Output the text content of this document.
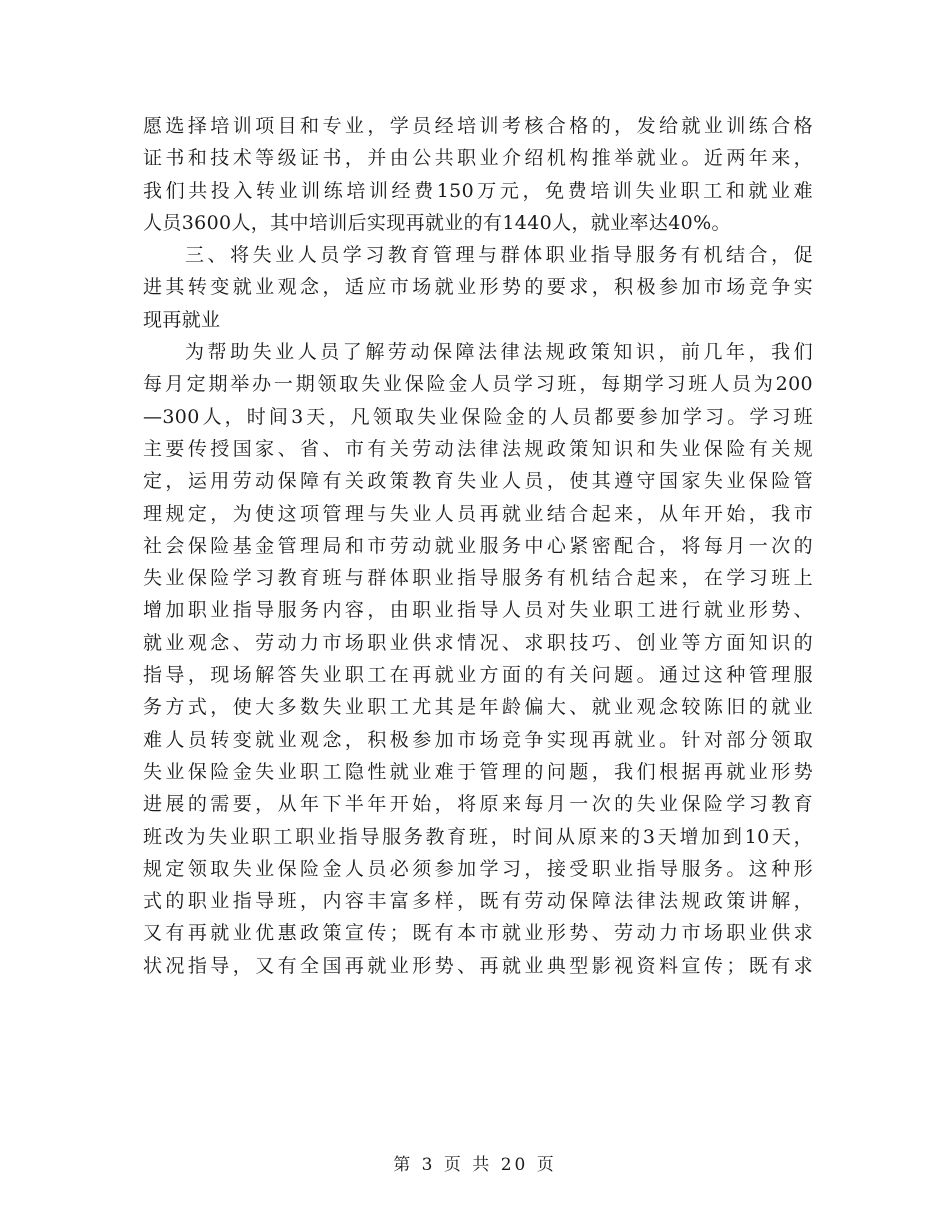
愿选择培训项目和专业，学员经培训考核合格的，发给就业训练合格
证书和技术等级证书，并由公共职业介绍机构推举就业。近两年来，
我们共投入转业训练培训经费150万元，免费培训失业职工和就业难
人员3600人，其中培训后实现再就业的有1440人，就业率达40%。
三、将失业人员学习教育管理与群体职业指导服务有机结合，促
进其转变就业观念，适应市场就业形势的要求，积极参加市场竞争实
现再就业
为帮助失业人员了解劳动保障法律法规政策知识，前几年，我们
每月定期举办一期领取失业保险金人员学习班，每期学习班人员为200
—300人，时间3天，凡领取失业保险金的人员都要参加学习。学习班
主要传授国家、省、市有关劳动法律法规政策知识和失业保险有关规
定，运用劳动保障有关政策教育失业人员，使其遵守国家失业保险管
理规定，为使这项管理与失业人员再就业结合起来，从年开始，我市
社会保险基金管理局和市劳动就业服务中心紧密配合，将每月一次的
失业保险学习教育班与群体职业指导服务有机结合起来，在学习班上
增加职业指导服务内容，由职业指导人员对失业职工进行就业形势、
就业观念、劳动力市场职业供求情况、求职技巧、创业等方面知识的
指导，现场解答失业职工在再就业方面的有关问题。通过这种管理服
务方式，使大多数失业职工尤其是年龄偏大、就业观念较陈旧的就业
难人员转变就业观念，积极参加市场竞争实现再就业。针对部分领取
失业保险金失业职工隐性就业难于管理的问题，我们根据再就业形势
进展的需要，从年下半年开始，将原来每月一次的失业保险学习教育
班改为失业职工职业指导服务教育班，时间从原来的3天增加到10天，
规定领取失业保险金人员必须参加学习，接受职业指导服务。这种形
式的职业指导班，内容丰富多样，既有劳动保障法律法规政策讲解，
又有再就业优惠政策宣传；既有本市就业形势、劳动力市场职业供求
状况指导，又有全国再就业形势、再就业典型影视资料宣传；既有求
第 3 页 共 20 页
